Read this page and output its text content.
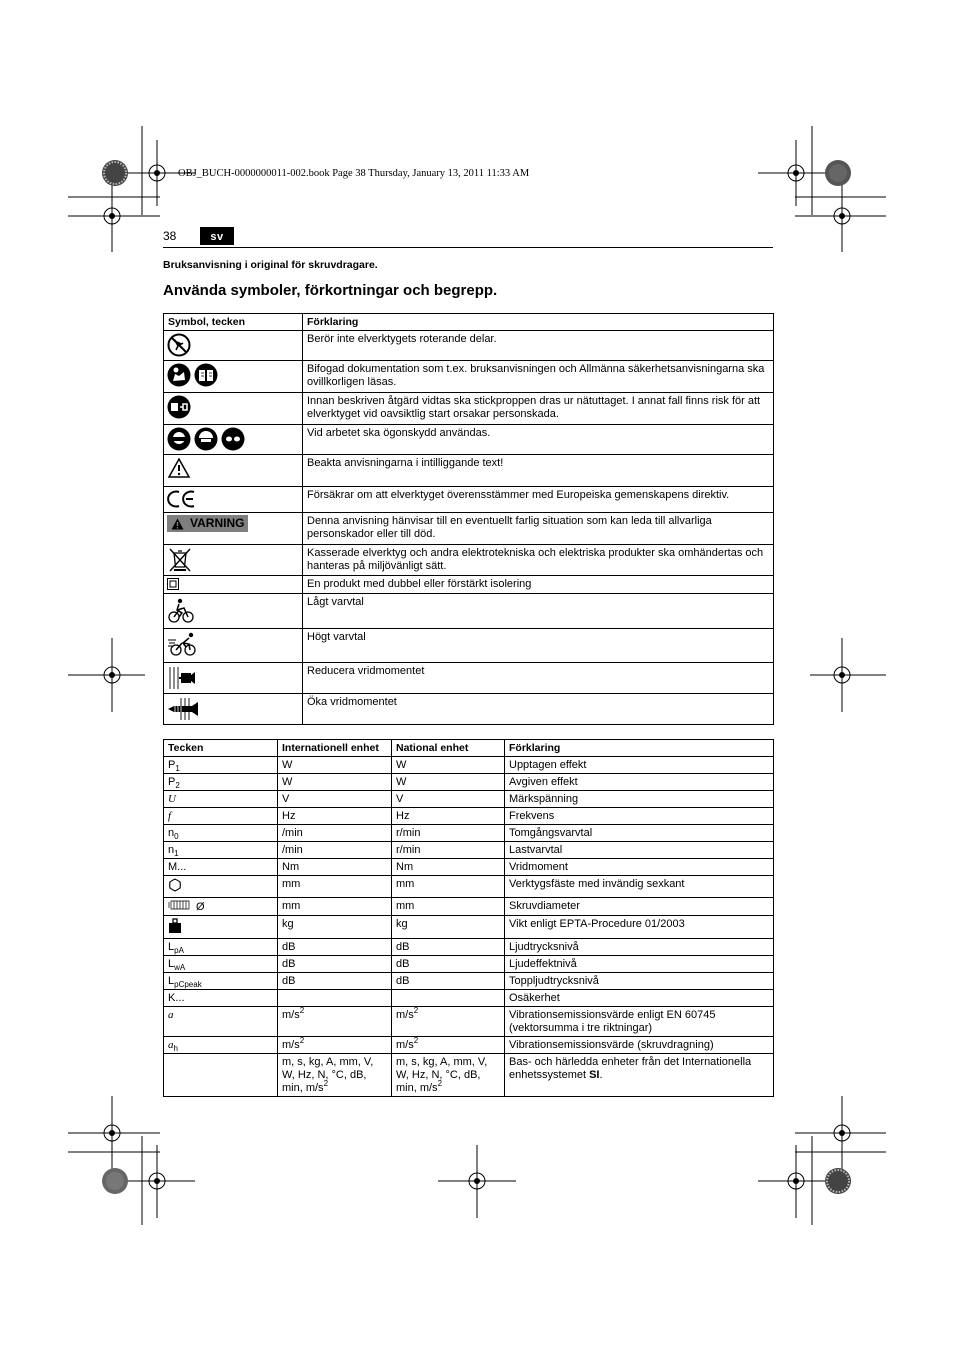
OBJ_BUCH-0000000011-002.book Page 38 Thursday, January 13, 2011 11:33 AM
38	sv
Bruksanvisning i original för skruvdragare.
Använda symboler, förkortningar och begrepp.
Symbol, tecken	Förklaring
	Berör inte elverktygets roterande delar.
	Bifogad dokumentation som t.ex. bruksanvisningen och Allmänna säkerhetsanvisningarna ska ovillkorligen läsas.
	Innan beskriven åtgärd vidtas ska stickproppen dras ur nätuttaget. I annat fall finns risk för att elverktyget vid oavsiktlig start orsakar personskada.
	Vid arbetet ska ögonskydd användas.
	Beakta anvisningarna i intilliggande text!
	Försäkrar om att elverktyget överensstämmer med Europeiska gemenskapens direktiv.

VARNING	Denna anvisning hänvisar till en eventuellt farlig situation som kan leda till allvarliga personskador eller till död.
	Kasserade elverktyg och andra elektrotekniska och elektriska produkter ska omhändertas och hanteras på miljövänligt sätt.
	En produkt med dubbel eller förstärkt isolering
	Lågt varvtal
	Högt varvtal
	Reducera vridmomentet
	Öka vridmomentet
Tecken	Internationell enhet	National enhet	Förklaring
$P_1$	W	W	Upptagen effekt
$P_2$	W	W	Avgiven effekt
U	V	V	Märkspänning
f	Hz	Hz	Frekvens
$n_0$	/min	r/min	Tomgångsvarvtal
$n_1$	/min	r/min	Lastvarvtal
M...	Nm	Nm	Vridmoment
	mm	mm	Verktygsfäste med invändig sexkant
Ø	mm	mm	Skruvdiameter
	kg	kg	Vikt enligt EPTA-Procedure 01/2003
$L_{pA}$	dB	dB	Ljudtrycksnivå
$L_{wA}$	dB	dB	Ljudeffektnivå
$L_{pCpeak}$	dB	dB	Toppljudtrycksnivå
K...			Osäkerhet
a	$m/s^2$	$m/s^2$	Vibrationsemissionsvärde enligt EN 60745 (vektorsumma i tre riktningar)
$a_h$	$m/s^2$	$m/s^2$	Vibrationsemissionsvärde (skruvdragning)
	m, s, kg, A, mm, V, W, Hz, N, °C, dB, min, $m/s^2$	m, s, kg, A, mm, V, W, Hz, N, °C, dB, min, $m/s^2$	Bas- och härledda enheter från det Internationella enhetssystemet SI.
